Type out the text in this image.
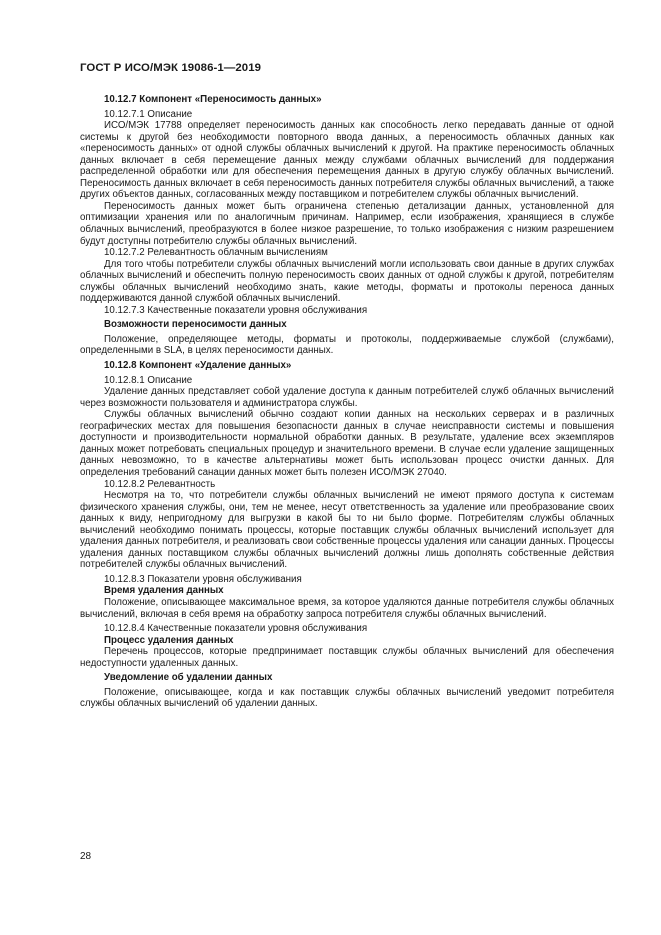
ГОСТ Р ИСО/МЭК 19086-1—2019

10.12.7 Компонент «Переносимость данных»

10.12.7.1 Описание

ИСО/МЭК 17788 определяет переносимость данных как способность легко передавать данные от одной системы к другой без необходимости повторного ввода данных, а переносимость облачных данных как «переносимость данных» от одной службы облачных вычислений к другой. На практике переносимость облачных данных включает в себя перемещение данных между службами облачных вычислений для поддержания распределенной обработки или для обеспечения перемещения данных в другую службу облачных вычислений. Переносимость данных включает в себя переносимость данных потребителя службы облачных вычислений, а также других объектов данных, согласованных между поставщиком и потребителем службы облачных вычислений.

Переносимость данных может быть ограничена степенью детализации данных, установленной для оптимизации хранения или по аналогичным причинам. Например, если изображения, хранящиеся в службе облачных вычислений, преобразуются в более низкое разрешение, то только изображения с низким разрешением будут доступны потребителю службы облачных вычислений.

10.12.7.2 Релевантность облачным вычислениям

Для того чтобы потребители службы облачных вычислений могли использовать свои данные в других службах облачных вычислений и обеспечить полную переносимость своих данных от одной службы к другой, потребителям службы облачных вычислений необходимо знать, какие методы, форматы и протоколы переноса данных поддерживаются данной службой облачных вычислений.

10.12.7.3 Качественные показатели уровня обслуживания

Возможности переносимости данных

Положение, определяющее методы, форматы и протоколы, поддерживаемые службой (службами), определенными в SLA, в целях переносимости данных.

10.12.8 Компонент «Удаление данных»

10.12.8.1 Описание

Удаление данных представляет собой удаление доступа к данным потребителей служб облачных вычислений через возможности пользователя и администратора службы.

Службы облачных вычислений обычно создают копии данных на нескольких серверах и в различных географических местах для повышения безопасности данных в случае неисправности системы и повышения доступности и производительности нормальной обработки данных. В результате, удаление всех экземпляров данных может потребовать специальных процедур и значительного времени. В случае если удаление защищенных данных невозможно, то в качестве альтернативы может быть использован процесс очистки данных. Для определения требований санации данных может быть полезен ИСО/МЭК 27040.

10.12.8.2 Релевантность

Несмотря на то, что потребители службы облачных вычислений не имеют прямого доступа к системам физического хранения службы, они, тем не менее, несут ответственность за удаление или преобразование своих данных к виду, непригодному для выгрузки в какой бы то ни было форме. Потребителям службы облачных вычислений необходимо понимать процессы, которые поставщик службы облачных вычислений использует для удаления данных потребителя, и реализовать свои собственные процессы удаления или санации данных. Процессы удаления данных поставщиком службы облачных вычислений должны лишь дополнять собственные действия потребителей службы облачных вычислений.

10.12.8.3 Показатели уровня обслуживания

Время удаления данных

Положение, описывающее максимальное время, за которое удаляются данные потребителя службы облачных вычислений, включая в себя время на обработку запроса потребителя службы облачных вычислений.

10.12.8.4 Качественные показатели уровня обслуживания

Процесс удаления данных

Перечень процессов, которые предпринимает поставщик службы облачных вычислений для обеспечения недоступности удаленных данных.

Уведомление об удалении данных

Положение, описывающее, когда и как поставщик службы облачных вычислений уведомит потребителя службы облачных вычислений об удалении данных.

28
